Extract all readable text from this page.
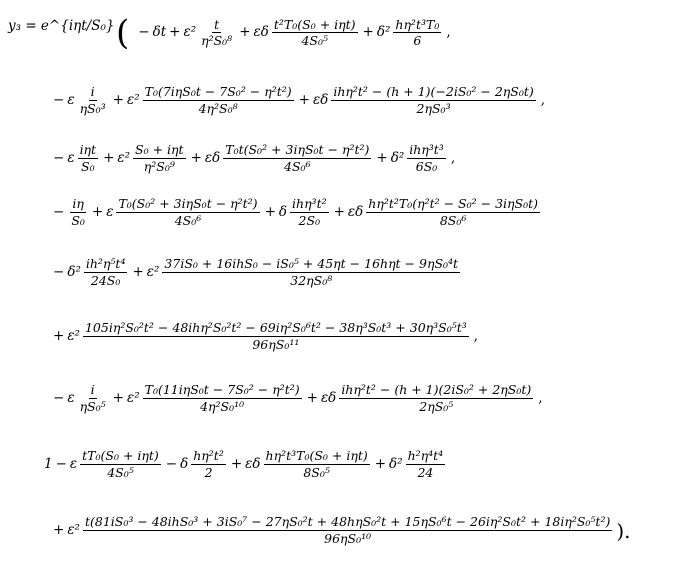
y₃ = e^{iηt/S₀} ( − $\delta t + \varepsilon^2 \frac{t}{\text{η²S₀⁸}} + \varepsilon\delta \frac{\text{t²T₀(S₀ + iηt)}}{\text{4S₀⁵}} + \delta^2 \frac{\text{hη²t³T₀}}{6}$ ,
− ε $\frac{i}{\text{ηS₀³}} + \varepsilon^2 \frac{\text{T₀(7iηS₀t − 7S₀² − η²t²)}}{\text{4η²S₀⁸}} + \varepsilon\delta \frac{\text{ihη²t² − (h + 1)(−2iS₀² − 2ηS₀t)}}{\text{2ηS₀³}}$ ,
− ε $\frac{\text{iηt}}{\text{S₀}} + \varepsilon^2 \frac{\text{S₀ + iηt}}{\text{η²S₀⁹}} + \varepsilon\delta \frac{\text{T₀t(S₀² + 3iηS₀t − η²t²)}}{\text{4S₀⁶}} + \delta^2 \frac{\text{ihη³t³}}{\text{6S₀}}$ ,
− $\frac{i\eta}{\text{S₀}} + \varepsilon \frac{\text{T₀(S₀² + 3iηS₀t − η²t²)}}{\text{4S₀⁶}} + \delta \frac{\text{ihη³t²}}{\text{2S₀}} + \varepsilon\delta \frac{\text{hη²t²T₀(η²t² − S₀² − 3iηS₀t)}}{\text{8S₀⁶}}$
− $\delta^2 \frac{\text{ih²η⁵t⁴}}{\text{24S₀}} + \varepsilon^2 \frac{\text{37iS₀ + 16ihS₀ − iS₀⁵ + 45ηt − 16hηt − 9ηS₀⁴t}}{\text{32ηS₀⁸}}$
+ ε²
105iη²S₀²t² − 48ihη²S₀²t² − 69iη²S₀⁶t² − 38η³S₀t³ + 30η³S₀⁵t³
96ηS₀¹¹
,
− ε $\frac{i}{\text{ηS₀⁵}} + \varepsilon^2 \frac{\text{T₀(11iηS₀t − 7S₀² − η²t²)}}{\text{4η²S₀¹⁰}} + \varepsilon\delta \frac{\text{ihη²t² − (h + 1)(2iS₀² + 2ηS₀t)}}{\text{2ηS₀⁵}}$ ,
1 − ε $\frac{\text{tT₀(S₀ + iηt)}}{\text{4S₀⁵}} - \delta \frac{\text{hη²t²}}{2} + \varepsilon\delta \frac{\text{hη²t³T₀(S₀ + iηt)}}{\text{8S₀⁵}} + \delta^2 \frac{\text{h²η⁴t⁴}}{24}$
+ ε²
t(81iS₀³ − 48ihS₀³ + 3iS₀⁷ − 27ηS₀²t + 48hηS₀²t + 15ηS₀⁶t − 26iη²S₀t² + 18iη²S₀⁵t²)
96ηS₀¹⁰	).
